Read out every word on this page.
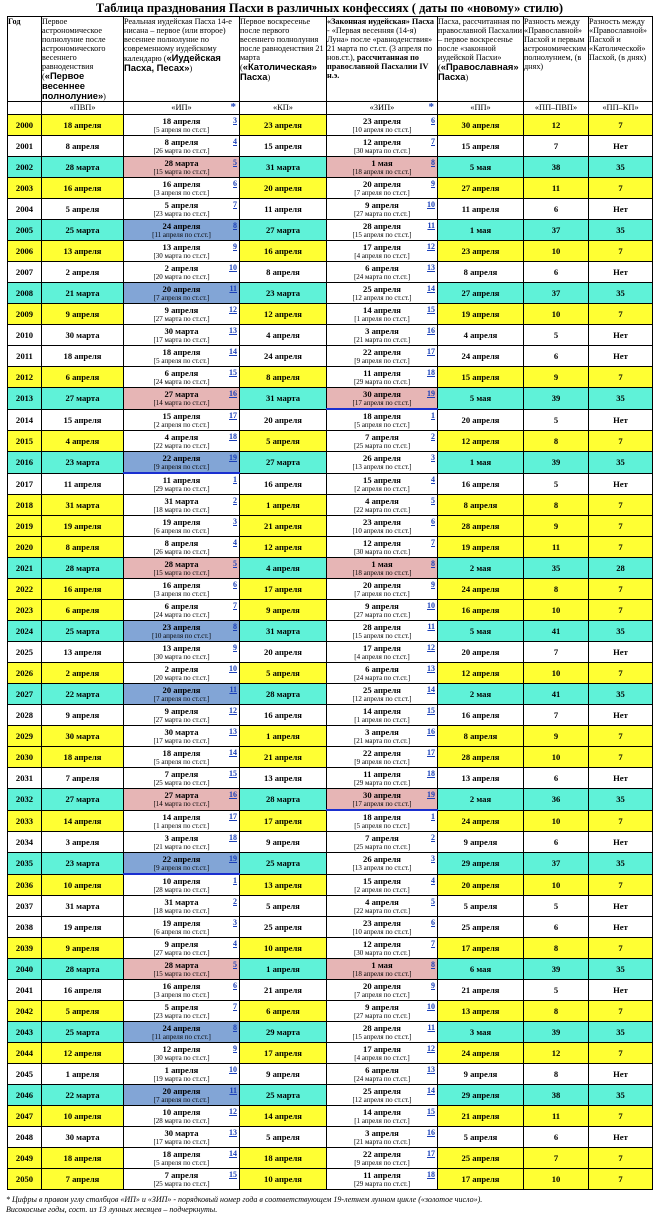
Таблица празднования Пасхи в различных конфессиях ( даты по «новому» стилю)
Год	Первое астрономическое полнолуние после астрономического весеннего равноденствия («Первое весеннее полнолуние»)	Реальная иудейская Пасха 14-е нисана – первое (или второе) весеннее полнолуние по современному иудейскому календарю («Иудейская Пасха, Песах»)	Первое воскресенье после первого весеннего полнолуния после равноденствия 21 марта («Католическая» Пасха)	«Законная иудейская» Пасха - «Первая весенняя (14-я) Луна» после «равноденствия» 21 марта по ст.ст. (3 апреля по нов.ст.), рассчитанная по православной Пасхалии IV н.э.	Пасха, рассчитанная по православной Пасхалии – первое воскресенье после «законной иудейской Пасхи» («Православная» Пасха)	Разность между «Православной» Пасхой и первым астрономическим полнолунием, (в днях)	Разность между «Православной» Пасхой и «Католической» Пасхой, (в днях)
	«ПВП»	«ИП» *	«КП»	«ЗИП» *	«ПП»	«ПП–ПВП»	«ПП–КП»
2000	18 апреля	18 апреля
[5 апреля по ст.ст.]
3	23 апреля	23 апреля
[10 апреля по ст.ст.]
6	30 апреля	12	7
2001	8 апреля	8 апреля
[26 марта по ст.ст.]
4	15 апреля	12 апреля
[30 марта по ст.ст.]
7	15 апреля	7	Нет
2002	28 марта	28 марта
[15 марта по ст.ст.]
5	31 марта	1 мая
[18 апреля по ст.ст.]
8	5 мая	38	35
2003	16 апреля	16 апреля
[3 апреля по ст.ст.]
6	20 апреля	20 апреля
[7 апреля по ст.ст.]
9	27 апреля	11	7
2004	5 апреля	5 апреля
[23 марта по ст.ст.]
7	11 апреля	9 апреля
[27 марта по ст.ст.]
10	11 апреля	6	Нет
2005	25 марта	24 апреля
[11 апреля по ст.ст.]
8	27 марта	28 апреля
[15 апреля по ст.ст.]
11	1 мая	37	35
2006	13 апреля	13 апреля
[30 марта по ст.ст.]
9	16 апреля	17 апреля
[4 апреля по ст.ст.]
12	23 апреля	10	7
2007	2 апреля	2 апреля
[20 марта по ст.ст.]
10	8 апреля	6 апреля
[24 марта по ст.ст.]
13	8 апреля	6	Нет
2008	21 марта	20 апреля
[7 апреля по ст.ст.]
11	23 марта	25 апреля
[12 апреля по ст.ст.]
14	27 апреля	37	35
2009	9 апреля	9 апреля
[27 марта по ст.ст.]
12	12 апреля	14 апреля
[1 апреля по ст.ст.]
15	19 апреля	10	7
2010	30 марта	30 марта
[17 марта по ст.ст.]
13	4 апреля	3 апреля
[21 марта по ст.ст.]
16	4 апреля	5	Нет
2011	18 апреля	18 апреля
[5 апреля по ст.ст.]
14	24 апреля	22 апреля
[9 апреля по ст.ст.]
17	24 апреля	6	Нет
2012	6 апреля	6 апреля
[24 марта по ст.ст.]
15	8 апреля	11 апреля
[29 марта по ст.ст.]
18	15 апреля	9	7
2013	27 марта	27 марта
[14 марта по ст.ст.]
16	31 марта	30 апреля
[17 апреля по ст.ст.]
19	5 мая	39	35
2014	15 апреля	15 апреля
[2 апреля по ст.ст.]
17	20 апреля	18 апреля
[5 апреля по ст.ст.]
1	20 апреля	5	Нет
2015	4 апреля	4 апреля
[22 марта по ст.ст.]
18	5 апреля	7 апреля
[25 марта по ст.ст.]
2	12 апреля	8	7
2016	23 марта	22 апреля
[9 апреля по ст.ст.]
19	27 марта	26 апреля
[13 апреля по ст.ст.]
3	1 мая	39	35
2017	11 апреля	11 апреля
[29 марта по ст.ст.]
1	16 апреля	15 апреля
[2 апреля по ст.ст.]
4	16 апреля	5	Нет
2018	31 марта	31 марта
[18 марта по ст.ст.]
2	1 апреля	4 апреля
[22 марта по ст.ст.]
5	8 апреля	8	7
2019	19 апреля	19 апреля
[6 апреля по ст.ст.]
3	21 апреля	23 апреля
[10 апреля по ст.ст.]
6	28 апреля	9	7
2020	8 апреля	8 апреля
[26 марта по ст.ст.]
4	12 апреля	12 апреля
[30 марта по ст.ст.]
7	19 апреля	11	7
2021	28 марта	28 марта
[15 марта по ст.ст.]
5	4 апреля	1 мая
[18 апреля по ст.ст.]
8	2 мая	35	28
2022	16 апреля	16 апреля
[3 апреля по ст.ст.]
6	17 апреля	20 апреля
[7 апреля по ст.ст.]
9	24 апреля	8	7
2023	6 апреля	6 апреля
[24 марта по ст.ст.]
7	9 апреля	9 апреля
[27 марта по ст.ст.]
10	16 апреля	10	7
2024	25 марта	23 апреля
[10 апреля по ст.ст.]
8	31 марта	28 апреля
[15 апреля по ст.ст.]
11	5 мая	41	35
2025	13 апреля	13 апреля
[30 марта по ст.ст.]
9	20 апреля	17 апреля
[4 апреля по ст.ст.]
12	20 апреля	7	Нет
2026	2 апреля	2 апреля
[20 марта по ст.ст.]
10	5 апреля	6 апреля
[24 марта по ст.ст.]
13	12 апреля	10	7
2027	22 марта	20 апреля
[7 апреля по ст.ст.]
11	28 марта	25 апреля
[12 апреля по ст.ст.]
14	2 мая	41	35
2028	9 апреля	9 апреля
[27 марта по ст.ст.]
12	16 апреля	14 апреля
[1 апреля по ст.ст.]
15	16 апреля	7	Нет
2029	30 марта	30 марта
[17 марта по ст.ст.]
13	1 апреля	3 апреля
[21 марта по ст.ст.]
16	8 апреля	9	7
2030	18 апреля	18 апреля
[5 апреля по ст.ст.]
14	21 апреля	22 апреля
[9 апреля по ст.ст.]
17	28 апреля	10	7
2031	7 апреля	7 апреля
[25 марта по ст.ст.]
15	13 апреля	11 апреля
[29 марта по ст.ст.]
18	13 апреля	6	Нет
2032	27 марта	27 марта
[14 марта по ст.ст.]
16	28 марта	30 апреля
[17 апреля по ст.ст.]
19	2 мая	36	35
2033	14 апреля	14 апреля
[1 апреля по ст.ст.]
17	17 апреля	18 апреля
[5 апреля по ст.ст.]
1	24 апреля	10	7
2034	3 апреля	3 апреля
[21 марта по ст.ст.]
18	9 апреля	7 апреля
[25 марта по ст.ст.]
2	9 апреля	6	Нет
2035	23 марта	22 апреля
[9 апреля по ст.ст.]
19	25 марта	26 апреля
[13 апреля по ст.ст.]
3	29 апреля	37	35
2036	10 апреля	10 апреля
[28 марта по ст.ст.]
1	13 апреля	15 апреля
[2 апреля по ст.ст.]
4	20 апреля	10	7
2037	31 марта	31 марта
[18 марта по ст.ст.]
2	5 апреля	4 апреля
[22 марта по ст.ст.]
5	5 апреля	5	Нет
2038	19 апреля	19 апреля
[6 апреля по ст.ст.]
3	25 апреля	23 апреля
[10 апреля по ст.ст.]
6	25 апреля	6	Нет
2039	9 апреля	9 апреля
[27 марта по ст.ст.]
4	10 апреля	12 апреля
[30 марта по ст.ст.]
7	17 апреля	8	7
2040	28 марта	28 марта
[15 марта по ст.ст.]
5	1 апреля	1 мая
[18 апреля по ст.ст.]
8	6 мая	39	35
2041	16 апреля	16 апреля
[3 апреля по ст.ст.]
6	21 апреля	20 апреля
[7 апреля по ст.ст.]
9	21 апреля	5	Нет
2042	5 апреля	5 апреля
[23 марта по ст.ст.]
7	6 апреля	9 апреля
[27 марта по ст.ст.]
10	13 апреля	8	7
2043	25 марта	24 апреля
[11 апреля по ст.ст.]
8	29 марта	28 апреля
[15 апреля по ст.ст.]
11	3 мая	39	35
2044	12 апреля	12 апреля
[30 марта по ст.ст.]
9	17 апреля	17 апреля
[4 апреля по ст.ст.]
12	24 апреля	12	7
2045	1 апреля	1 апреля
[19 марта по ст.ст.]
10	9 апреля	6 апреля
[24 марта по ст.ст.]
13	9 апреля	8	Нет
2046	22 марта	20 апреля
[7 апреля по ст.ст.]
11	25 марта	25 апреля
[12 апреля по ст.ст.]
14	29 апреля	38	35
2047	10 апреля	10 апреля
[28 марта по ст.ст.]
12	14 апреля	14 апреля
[1 апреля по ст.ст.]
15	21 апреля	11	7
2048	30 марта	30 марта
[17 марта по ст.ст.]
13	5 апреля	3 апреля
[21 марта по ст.ст.]
16	5 апреля	6	Нет
2049	18 апреля	18 апреля
[5 апреля по ст.ст.]
14	18 апреля	22 апреля
[9 апреля по ст.ст.]
17	25 апреля	7	7
2050	7 апреля	7 апреля
[25 марта по ст.ст.]
15	10 апреля	11 апреля
[29 марта по ст.ст.]
18	17 апреля	10	7
* Цифры в правом углу столбцов «ИП» и «ЗИП» - порядковый номер года в соответствующем 19-летнем лунном цикле («золотое число»).
Високосные годы, сост. из 13 лунных месяцев – подчеркнуты.
